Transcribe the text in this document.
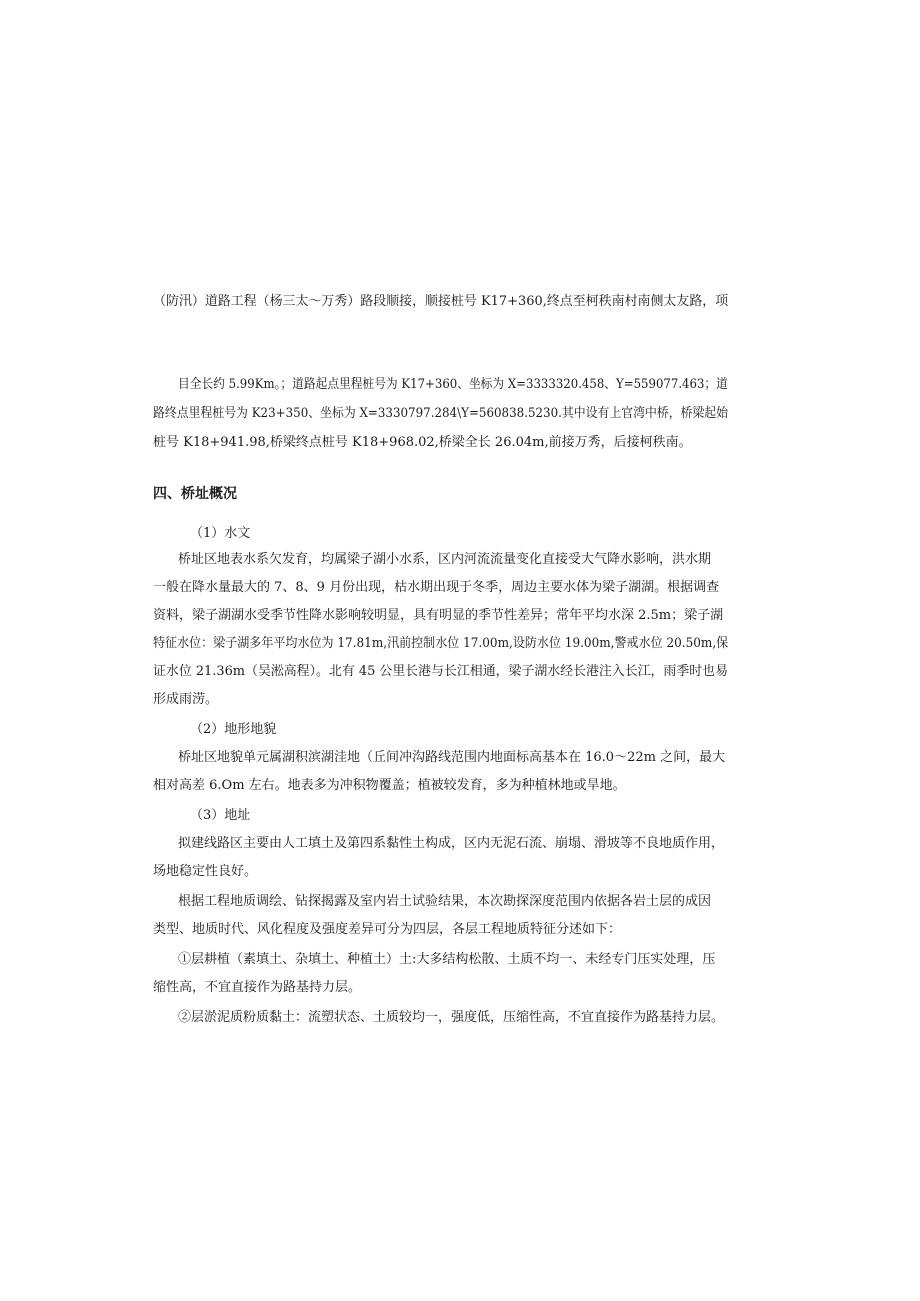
（防汛）道路工程（杨三太～万秀）路段顺接，顺接桩号 K17+360,终点至柯秩南村南侧太友路，项
目全长约 5.99Km。；道路起点里程桩号为 K17+360、坐标为 X=3333320.458、Y=559077.463；道
路终点里程桩号为 K23+350、坐标为 X=3330797.284\Y=560838.5230.其中设有上官湾中桥，桥梁起始
桩号 K18+941.98,桥梁终点桩号 K18+968.02,桥梁全长 26.04m,前接万秀，后接柯秩南。
四、桥址概况
（1）水文
桥址区地表水系欠发育，均属梁子湖小水系，区内河流流量变化直接受大气降水影响，洪水期
一般在降水量最大的 7、8、9 月份出现，枯水期出现于冬季，周边主要水体为梁子湖湖。根据调查
资料，梁子湖湖水受季节性降水影响较明显，具有明显的季节性差异；常年平均水深 2.5m；梁子湖
特征水位：梁子湖多年平均水位为 17.81m,汛前控制水位 17.00m,设防水位 19.00m,警戒水位 20.50m,保
证水位 21.36m（吴淞高程）。北有 45 公里长港与长江相通，梁子湖水经长港注入长江，雨季时也易
形成雨涝。
（2）地形地貌
桥址区地貌单元属湖积滨湖洼地（丘间冲沟路线范围内地面标高基本在 16.0～22m 之间，最大
相对高差 6.Om 左右。地表多为冲积物覆盖；植被较发育，多为种植林地或旱地。
（3）地址
拟建线路区主要由人工填土及第四系黏性土构成，区内无泥石流、崩塌、滑坡等不良地质作用，
场地稳定性良好。
根据工程地质调绘、钻探揭露及室内岩土试验结果，本次勘探深度范围内依据各岩土层的成因
类型、地质时代、风化程度及强度差异可分为四层，各层工程地质特征分述如下：
①层耕植（素填土、杂填土、种植土）土:大多结构松散、土质不均一、未经专门压实处理，压
缩性高，不宜直接作为路基持力层。
②层淤泥质粉质黏土：流塑状态、土质较均一，强度低，压缩性高，不宜直接作为路基持力层。
